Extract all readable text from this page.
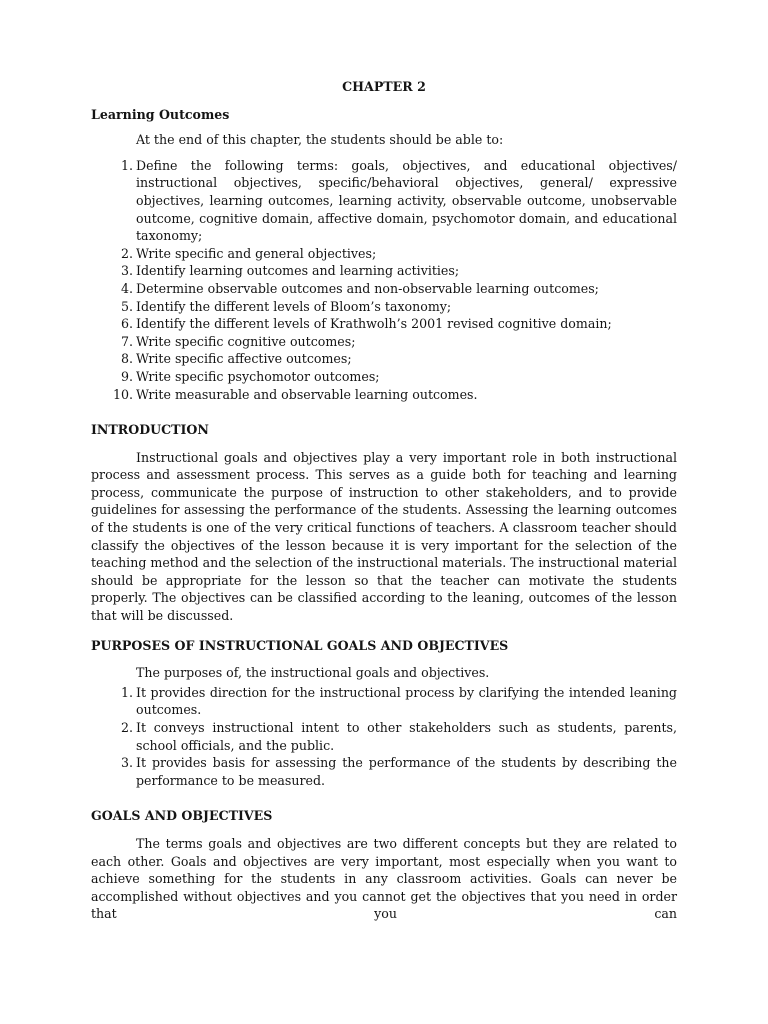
CHAPTER 2
Learning Outcomes
At the end of this chapter, the students should be able to:
1. Define the following terms: goals, objectives, and educational objectives/ instructional objectives, specific/behavioral objectives, general/ expressive objectives, learning outcomes, learning activity, observable outcome, unobservable outcome, cognitive domain, affective domain, psychomotor domain, and educational taxonomy;
2. Write specific and general objectives;
3. Identify learning outcomes and learning activities;
4. Determine observable outcomes and non-observable learning outcomes;
5. Identify the different levels of Bloom’s taxonomy;
6. Identify the different levels of Krathwolh’s 2001 revised cognitive domain;
7. Write specific cognitive outcomes;
8. Write specific affective outcomes;
9. Write specific psychomotor outcomes;
10. Write measurable and observable learning outcomes.
INTRODUCTION

Instructional goals and objectives play a very important role in both instructional process and assessment process. This serves as a guide both for teaching and learning process, communicate the purpose of instruction to other stakeholders, and to provide guidelines for assessing the performance of the students. Assessing the learning outcomes of the students is one of the very critical functions of teachers. A classroom teacher should classify the objectives of the lesson because it is very important for the selection of the teaching method and the selection of the instructional materials. The instructional material should be appropriate for the lesson so that the teacher can motivate the students properly. The objectives can be classified according to the leaning, outcomes of the lesson that will be discussed.

PURPOSES OF INSTRUCTIONAL GOALS AND OBJECTIVES
The purposes of, the instructional goals and objectives.
1. It provides direction for the instructional process by clarifying the intended leaning outcomes.
2. It conveys instructional intent to other stakeholders such as students, parents, school officials, and the public.
3. It provides basis for assessing the performance of the students by describing the performance to be measured.
GOALS AND OBJECTIVES

The terms goals and objectives are two different concepts but they are related to each other. Goals and objectives are very important, most especially when you want to achieve something for the students in any classroom activities. Goals can never be accomplished without objectives and you cannot get the objectives that you need in order that you can
